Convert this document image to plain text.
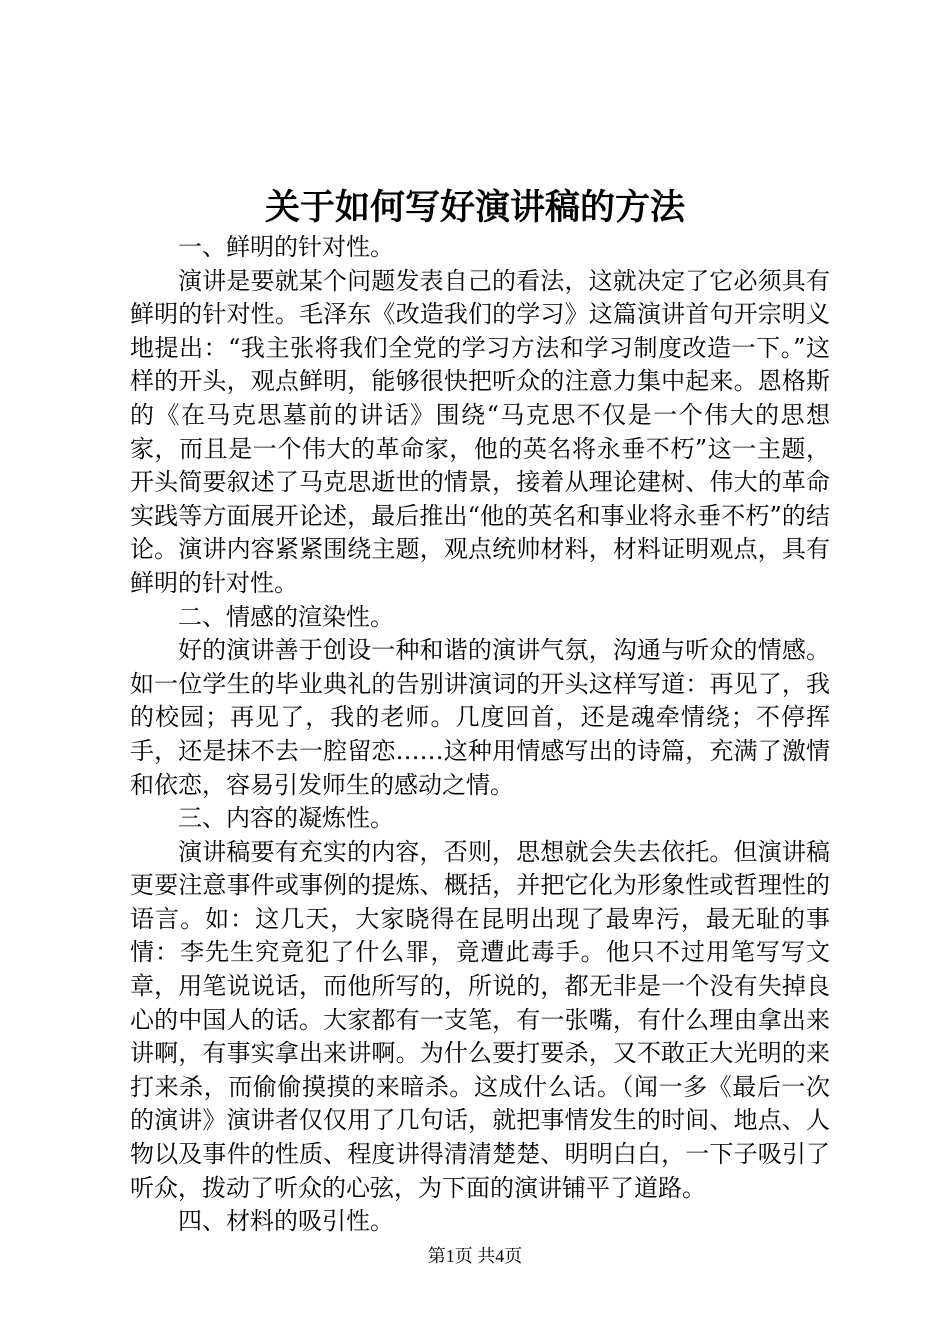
关于如何写好演讲稿的方法

一、鲜明的针对性。

演讲是要就某个问题发表自己的看法，这就决定了它必须具有鲜明的针对性。毛泽东《改造我们的学习》这篇演讲首句开宗明义地提出：“我主张将我们全党的学习方法和学习制度改造一下。”这样的开头，观点鲜明，能够很快把听众的注意力集中起来。恩格斯的《在马克思墓前的讲话》围绕“马克思不仅是一个伟大的思想家，而且是一个伟大的革命家，他的英名将永垂不朽”这一主题，开头简要叙述了马克思逝世的情景，接着从理论建树、伟大的革命实践等方面展开论述，最后推出“他的英名和事业将永垂不朽”的结论。演讲内容紧紧围绕主题，观点统帅材料，材料证明观点，具有鲜明的针对性。

二、情感的渲染性。

好的演讲善于创设一种和谐的演讲气氛，沟通与听众的情感。如一位学生的毕业典礼的告别讲演词的开头这样写道：再见了，我的校园；再见了，我的老师。几度回首，还是魂牵情绕；不停挥手，还是抹不去一腔留恋……这种用情感写出的诗篇，充满了激情和依恋，容易引发师生的感动之情。

三、内容的凝炼性。

演讲稿要有充实的内容，否则，思想就会失去依托。但演讲稿更要注意事件或事例的提炼、概括，并把它化为形象性或哲理性的语言。如：这几天，大家晓得在昆明出现了最卑污，最无耻的事情：李先生究竟犯了什么罪，竟遭此毒手。他只不过用笔写写文章，用笔说说话，而他所写的，所说的，都无非是一个没有失掉良心的中国人的话。大家都有一支笔，有一张嘴，有什么理由拿出来讲啊，有事实拿出来讲啊。为什么要打要杀，又不敢正大光明的来打来杀，而偷偷摸摸的来暗杀。这成什么话。（闻一多《最后一次的演讲》演讲者仅仅用了几句话，就把事情发生的时间、地点、人物以及事件的性质、程度讲得清清楚楚、明明白白，一下子吸引了听众，拨动了听众的心弦，为下面的演讲铺平了道路。

四、材料的吸引性。

第1页 共4页
